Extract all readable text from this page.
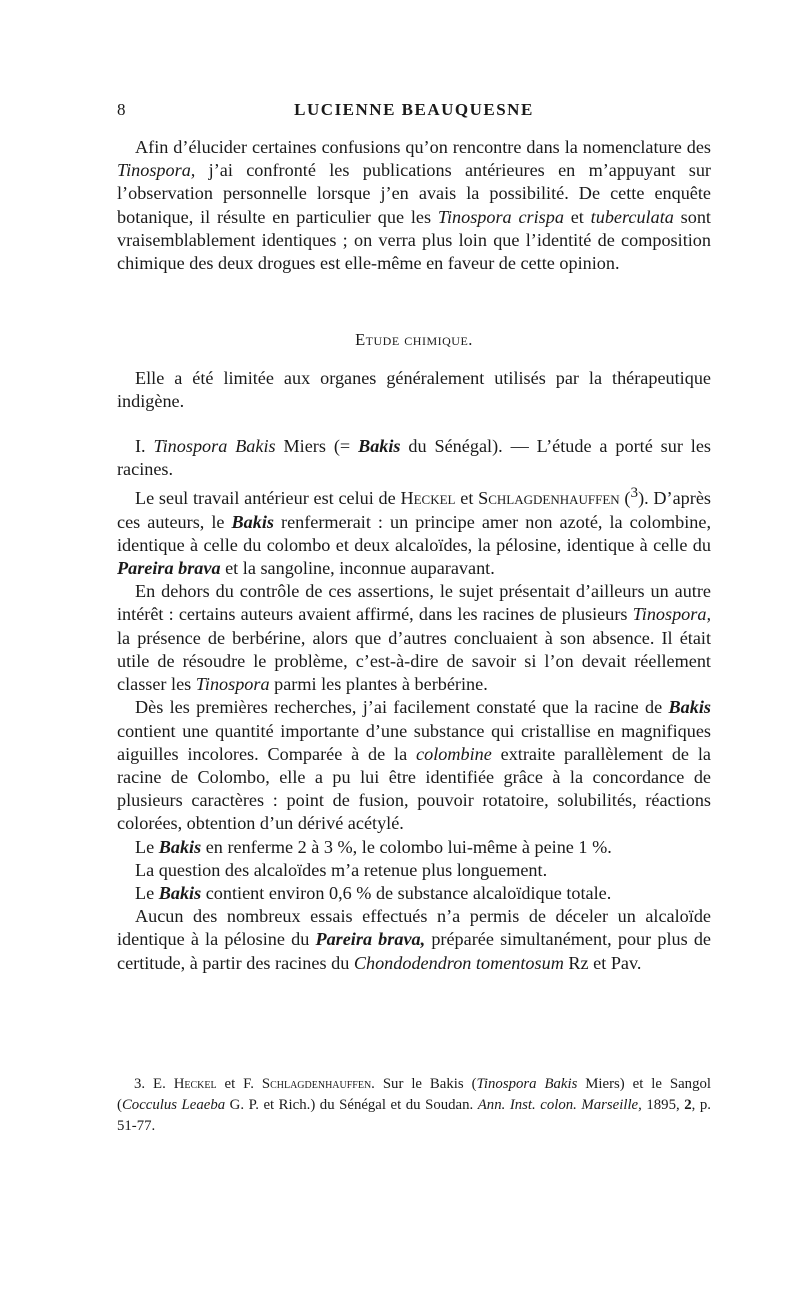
8	LUCIENNE BEAUQUESNE

Afin d’élucider certaines confusions qu’on rencontre dans la nomenclature des Tinospora, j’ai confronté les publications antérieures en m’appuyant sur l’observation personnelle lorsque j’en avais la possibilité. De cette enquête botanique, il résulte en particulier que les Tinospora crispa et tuberculata sont vraisemblablement identiques ; on verra plus loin que l’identité de composition chimique des deux drogues est elle-même en faveur de cette opinion.

Etude chimique.

Elle a été limitée aux organes généralement utilisés par la thérapeutique indigène.

I. Tinospora Bakis Miers (= Bakis du Sénégal). — L’étude a porté sur les racines.

Le seul travail antérieur est celui de Heckel et Schlagdenhauffen ($^3$). D’après ces auteurs, le Bakis renfermerait : un principe amer non azoté, la colombine, identique à celle du colombo et deux alcaloïdes, la pélosine, identique à celle du Pareira brava et la sangoline, inconnue auparavant.

En dehors du contrôle de ces assertions, le sujet présentait d’ailleurs un autre intérêt : certains auteurs avaient affirmé, dans les racines de plusieurs Tinospora, la présence de berbérine, alors que d’autres concluaient à son absence. Il était utile de résoudre le problème, c’est-à-dire de savoir si l’on devait réellement classer les Tinospora parmi les plantes à berbérine.

Dès les premières recherches, j’ai facilement constaté que la racine de Bakis contient une quantité importante d’une substance qui cristallise en magnifiques aiguilles incolores. Comparée à de la colombine extraite parallèlement de la racine de Colombo, elle a pu lui être identifiée grâce à la concordance de plusieurs caractères : point de fusion, pouvoir rotatoire, solubilités, réactions colorées, obtention d’un dérivé acétylé.

Le Bakis en renferme 2 à 3 %, le colombo lui-même à peine 1 %.

La question des alcaloïdes m’a retenue plus longuement.

Le Bakis contient environ 0,6 % de substance alcaloïdique totale.

Aucun des nombreux essais effectués n’a permis de déceler un alcaloïde identique à la pélosine du Pareira brava, préparée simultanément, pour plus de certitude, à partir des racines du Chondodendron tomentosum Rz et Pav.

3. E. Heckel et F. Schlagdenhauffen. Sur le Bakis (Tinospora Bakis Miers) et le Sangol (Cocculus Leaeba G. P. et Rich.) du Sénégal et du Soudan. Ann. Inst. colon. Marseille, 1895, 2, p. 51-77.
